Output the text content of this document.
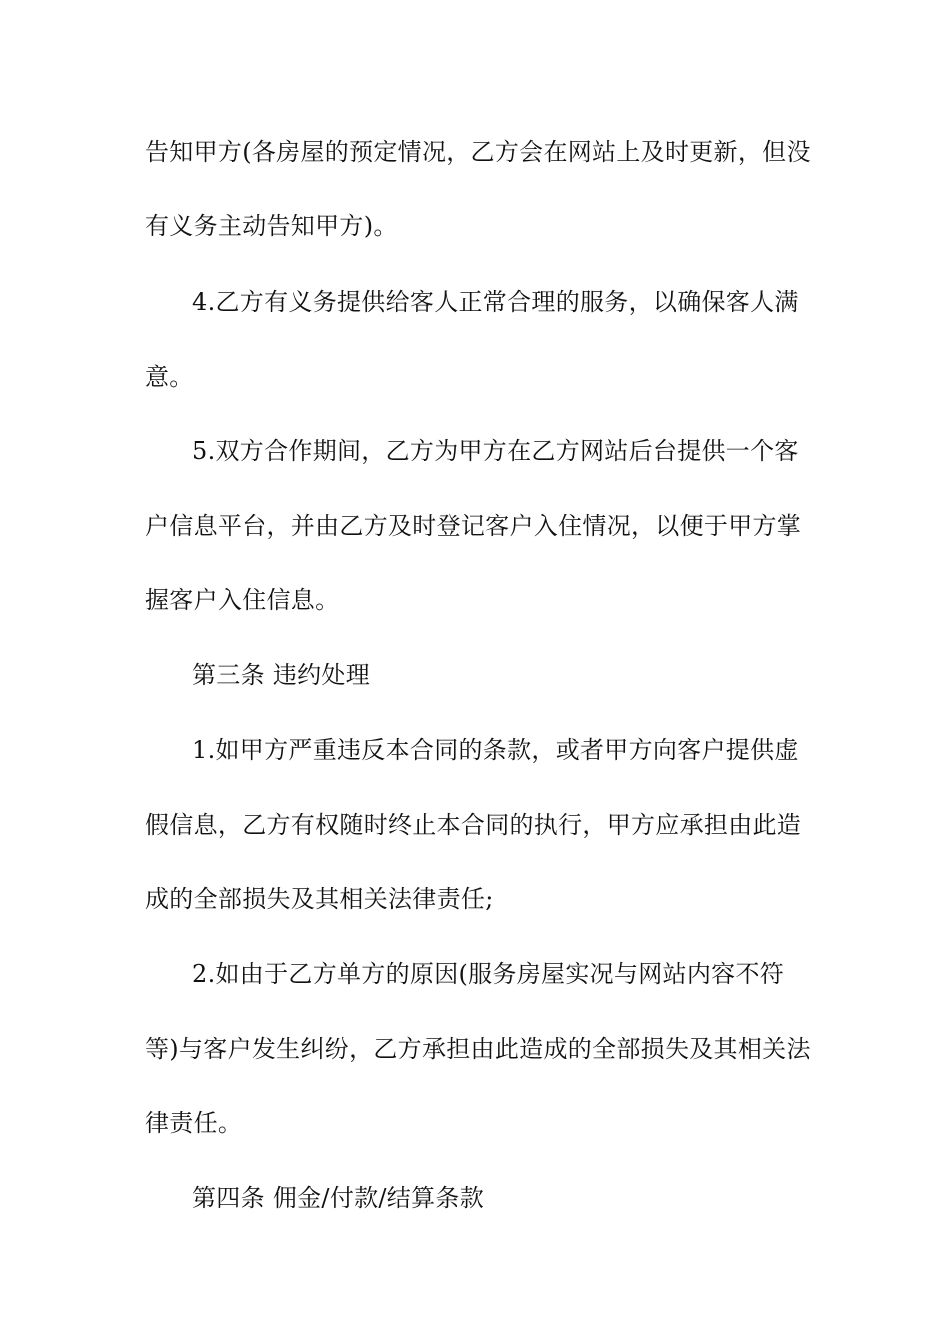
告知甲方(各房屋的预定情况，乙方会在网站上及时更新，但没
有义务主动告知甲方)。
4.乙方有义务提供给客人正常合理的服务，以确保客人满
意。
5.双方合作期间，乙方为甲方在乙方网站后台提供一个客
户信息平台，并由乙方及时登记客户入住情况，以便于甲方掌
握客户入住信息。
第三条 违约处理
1.如甲方严重违反本合同的条款，或者甲方向客户提供虚
假信息，乙方有权随时终止本合同的执行，甲方应承担由此造
成的全部损失及其相关法律责任;
2.如由于乙方单方的原因(服务房屋实况与网站内容不符
等)与客户发生纠纷，乙方承担由此造成的全部损失及其相关法
律责任。
第四条 佣金/付款/结算条款
